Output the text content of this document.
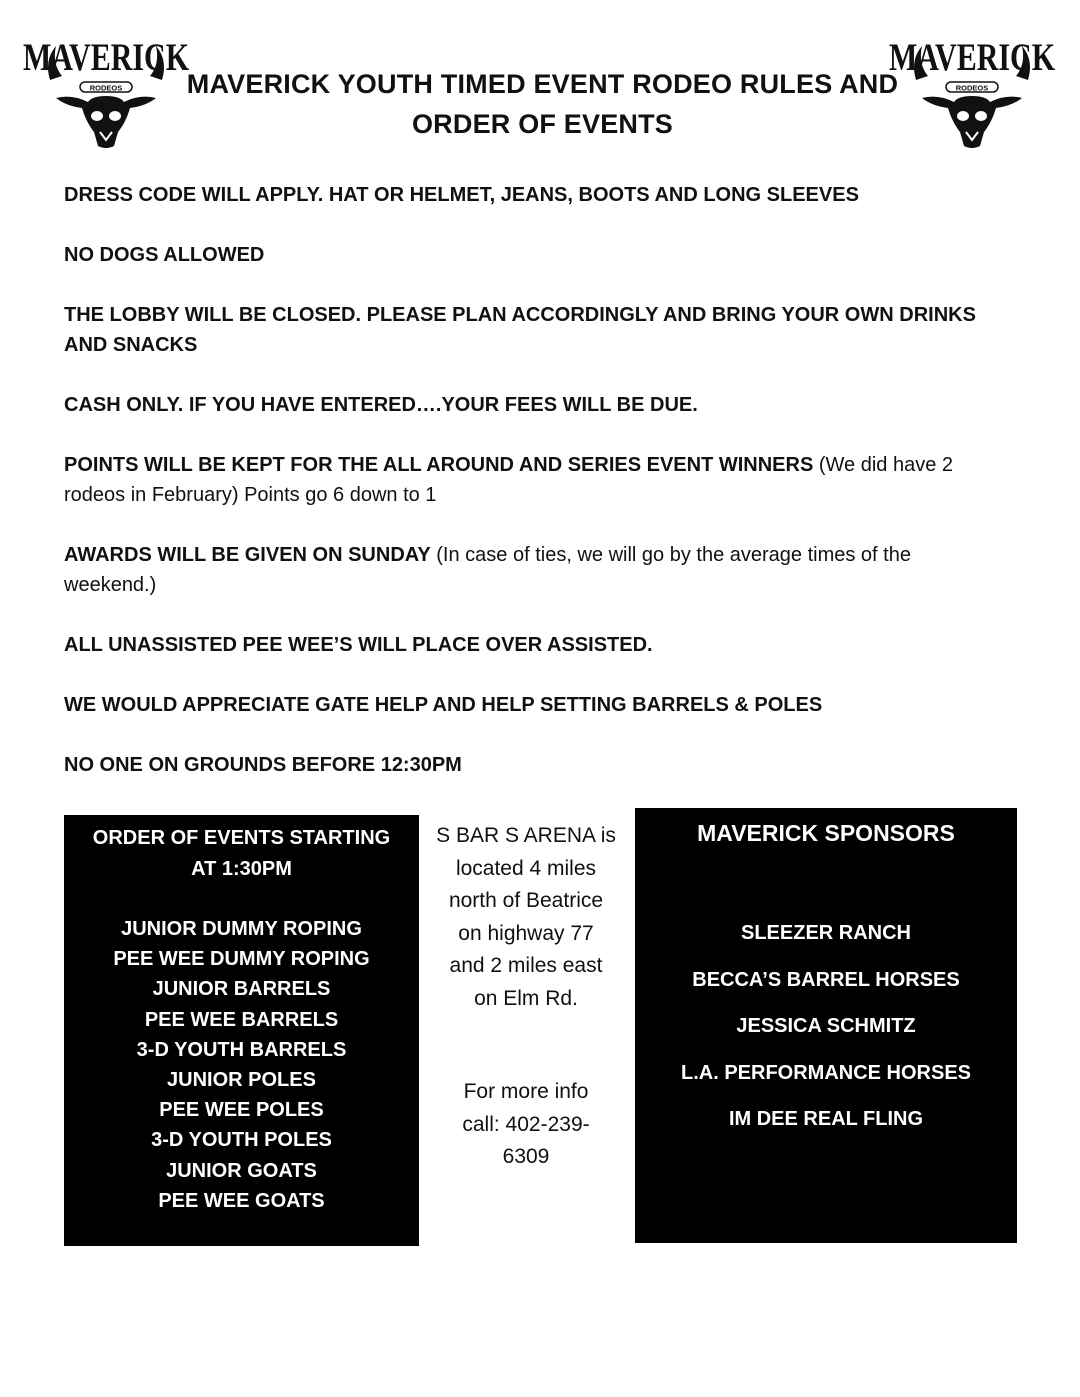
MAVERICK
RODEOS
MAVERICK
RODEOS
MAVERICK YOUTH TIMED EVENT RODEO RULES AND
ORDER OF EVENTS

DRESS CODE WILL APPLY. HAT OR HELMET, JEANS, BOOTS AND LONG SLEEVES

NO DOGS ALLOWED

THE LOBBY WILL BE CLOSED. PLEASE PLAN ACCORDINGLY AND BRING YOUR OWN DRINKS AND SNACKS

CASH ONLY. IF YOU HAVE ENTERED….YOUR FEES WILL BE DUE.

POINTS WILL BE KEPT FOR THE ALL AROUND AND SERIES EVENT WINNERS (We did have 2 rodeos in February) Points go 6 down to 1

AWARDS WILL BE GIVEN ON SUNDAY (In case of ties, we will go by the average times of the weekend.)

ALL UNASSISTED PEE WEE’S WILL PLACE OVER ASSISTED.

WE WOULD APPRECIATE GATE HELP AND HELP SETTING BARRELS & POLES

NO ONE ON GROUNDS BEFORE 12:30PM

ORDER OF EVENTS STARTING
AT 1:30PM
JUNIOR DUMMY ROPING
PEE WEE DUMMY ROPING
JUNIOR BARRELS
PEE WEE BARRELS
3-D YOUTH BARRELS
JUNIOR POLES
PEE WEE POLES
3-D YOUTH POLES
JUNIOR GOATS
PEE WEE GOATS
S BAR S ARENA is
located 4 miles
north of Beatrice
on highway 77
and 2 miles east
on Elm Rd.
For more info
call: 402-239-
6309
MAVERICK SPONSORS
SLEEZER RANCH
BECCA’S BARREL HORSES
JESSICA SCHMITZ
L.A. PERFORMANCE HORSES
IM DEE REAL FLING
